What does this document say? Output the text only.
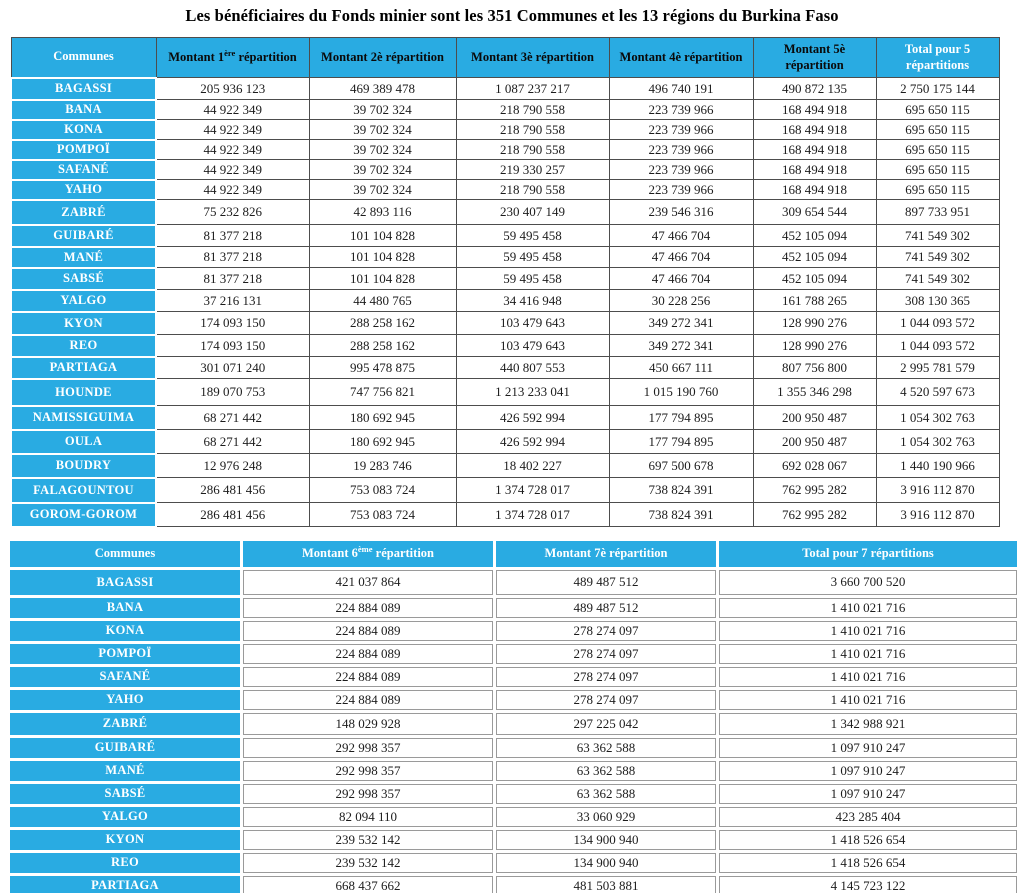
Les bénéficiaires du Fonds minier sont les 351 Communes et les 13 régions du Burkina Faso
Communes	Montant 1ère répartition	Montant 2è répartition	Montant 3è répartition	Montant 4è répartition	Montant 5è répartition	Total pour 5 répartitions
BAGASSI	205 936 123	469 389 478	1 087 237 217	496 740 191	490 872 135	2 750 175 144
BANA	44 922 349	39 702 324	218 790 558	223 739 966	168 494 918	695 650 115
KONA	44 922 349	39 702 324	218 790 558	223 739 966	168 494 918	695 650 115
POMPOÏ	44 922 349	39 702 324	218 790 558	223 739 966	168 494 918	695 650 115
SAFANÉ	44 922 349	39 702 324	219 330 257	223 739 966	168 494 918	695 650 115
YAHO	44 922 349	39 702 324	218 790 558	223 739 966	168 494 918	695 650 115
ZABRÉ	75 232 826	42 893 116	230 407 149	239 546 316	309 654 544	897 733 951
GUIBARÉ	81 377 218	101 104 828	59 495 458	47 466 704	452 105 094	741 549 302
MANÉ	81 377 218	101 104 828	59 495 458	47 466 704	452 105 094	741 549 302
SABSÉ	81 377 218	101 104 828	59 495 458	47 466 704	452 105 094	741 549 302
YALGO	37 216 131	44 480 765	34 416 948	30 228 256	161 788 265	308 130 365
KYON	174 093 150	288 258 162	103 479 643	349 272 341	128 990 276	1 044 093 572
REO	174 093 150	288 258 162	103 479 643	349 272 341	128 990 276	1 044 093 572
PARTIAGA	301 071 240	995 478 875	440 807 553	450 667 111	807 756 800	2 995 781 579
HOUNDE	189 070 753	747 756 821	1 213 233 041	1 015 190 760	1 355 346 298	4 520 597 673
NAMISSIGUIMA	68 271 442	180 692 945	426 592 994	177 794 895	200 950 487	1 054 302 763
OULA	68 271 442	180 692 945	426 592 994	177 794 895	200 950 487	1 054 302 763
BOUDRY	12 976 248	19 283 746	18 402 227	697 500 678	692 028 067	1 440 190 966
FALAGOUNTOU	286 481 456	753 083 724	1 374 728 017	738 824 391	762 995 282	3 916 112 870
GOROM-GOROM	286 481 456	753 083 724	1 374 728 017	738 824 391	762 995 282	3 916 112 870
Communes	Montant 6ème répartition	Montant 7è répartition	Total pour 7 répartitions
BAGASSI	421 037 864	489 487 512	3 660 700 520
BANA	224 884 089	489 487 512	1 410 021 716
KONA	224 884 089	278 274 097	1 410 021 716
POMPOÏ	224 884 089	278 274 097	1 410 021 716
SAFANÉ	224 884 089	278 274 097	1 410 021 716
YAHO	224 884 089	278 274 097	1 410 021 716
ZABRÉ	148 029 928	297 225 042	1 342 988 921
GUIBARÉ	292 998 357	63 362 588	1 097 910 247
MANÉ	292 998 357	63 362 588	1 097 910 247
SABSÉ	292 998 357	63 362 588	1 097 910 247
YALGO	82 094 110	33 060 929	423 285 404
KYON	239 532 142	134 900 940	1 418 526 654
REO	239 532 142	134 900 940	1 418 526 654
PARTIAGA	668 437 662	481 503 881	4 145 723 122
